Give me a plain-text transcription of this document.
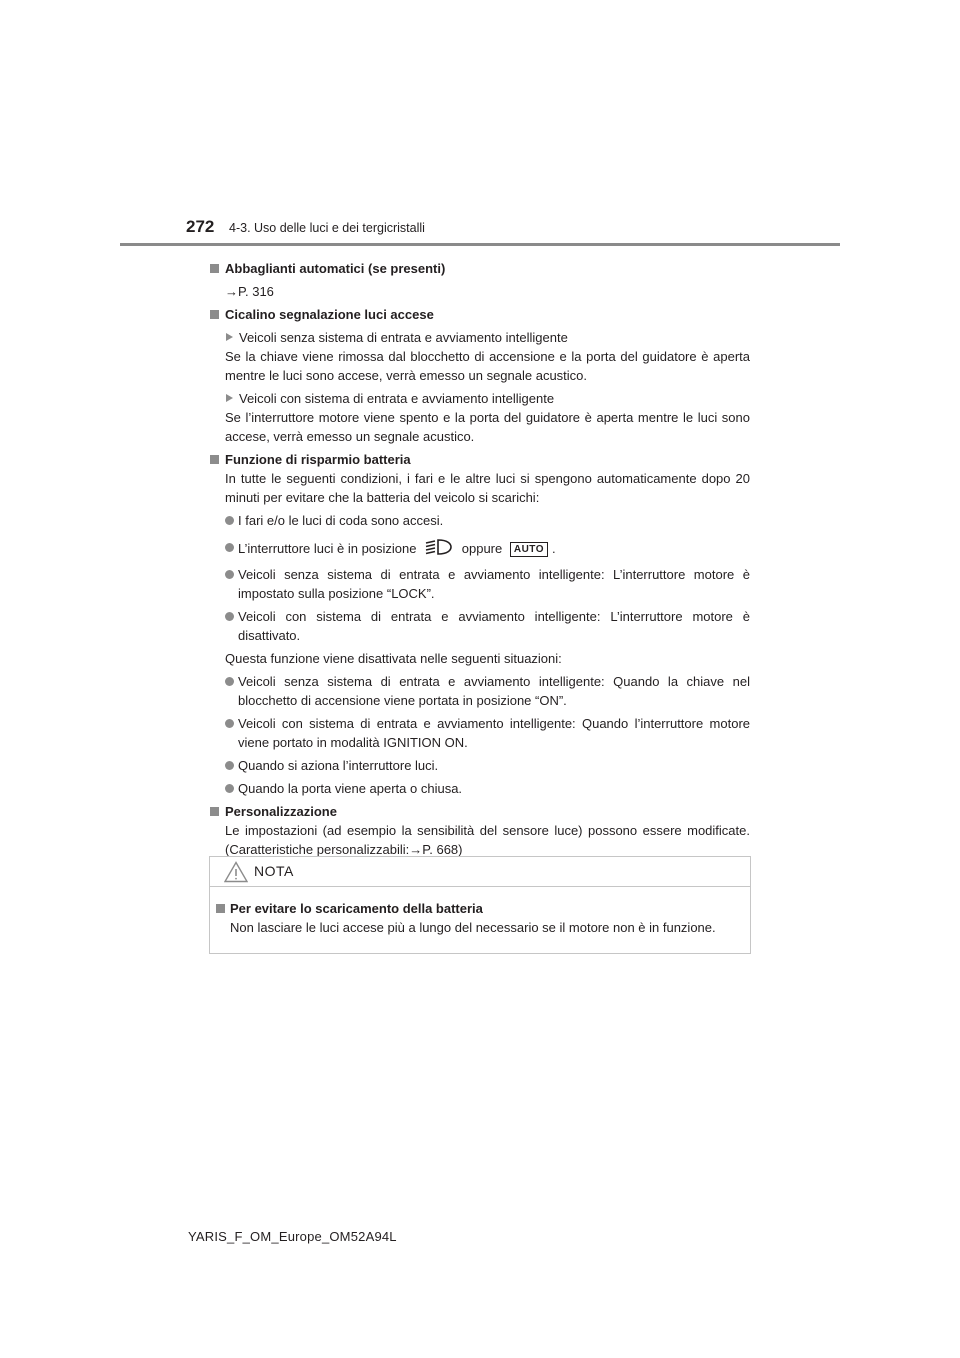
272 4-3. Uso delle luci e dei tergicristalli
Abbaglianti automatici (se presenti)
→P. 316
Cicalino segnalazione luci accese
Veicoli senza sistema di entrata e avviamento intelligente
Se la chiave viene rimossa dal blocchetto di accensione e la porta del guidatore è aperta mentre le luci sono accese, verrà emesso un segnale acustico.
Veicoli con sistema di entrata e avviamento intelligente
Se l’interruttore motore viene spento e la porta del guidatore è aperta mentre le luci sono accese, verrà emesso un segnale acustico.
Funzione di risparmio batteria
In tutte le seguenti condizioni, i fari e le altre luci si spengono automaticamente dopo 20 minuti per evitare che la batteria del veicolo si scarichi:
I fari e/o le luci di coda sono accesi.
L’interruttore luci è in posizione	oppure AUTO .
Veicoli senza sistema di entrata e avviamento intelligente: L’interruttore motore è impostato sulla posizione “LOCK”.
Veicoli con sistema di entrata e avviamento intelligente: L’interruttore motore è disattivato.
Questa funzione viene disattivata nelle seguenti situazioni:
Veicoli senza sistema di entrata e avviamento intelligente: Quando la chiave nel blocchetto di accensione viene portata in posizione “ON”.
Veicoli con sistema di entrata e avviamento intelligente: Quando l’interruttore motore viene portato in modalità IGNITION ON.
Quando si aziona l’interruttore luci.
Quando la porta viene aperta o chiusa.
Personalizzazione
Le impostazioni (ad esempio la sensibilità del sensore luce) possono essere modificate. (Caratteristiche personalizzabili:→P. 668)
NOTA
Per evitare lo scaricamento della batteria
Non lasciare le luci accese più a lungo del necessario se il motore non è in funzione.
YARIS_F_OM_Europe_OM52A94L
